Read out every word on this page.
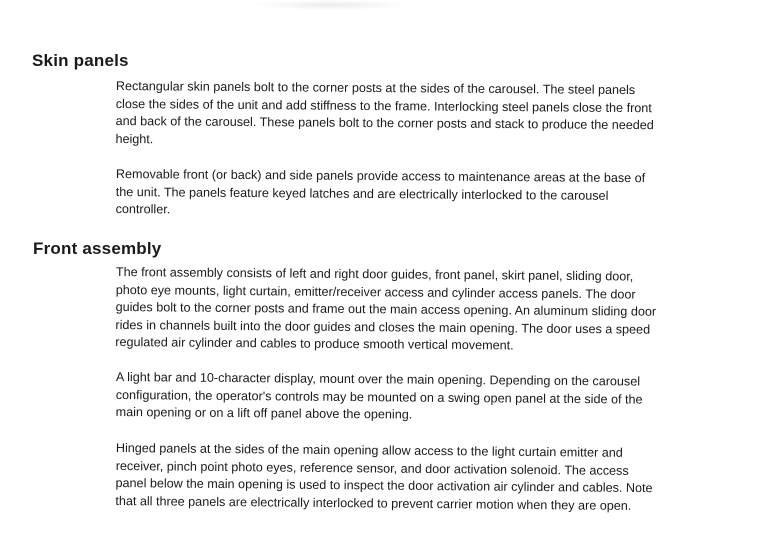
Skin panels

Rectangular skin panels bolt to the corner posts at the sides of the carousel. The steel panels
close the sides of the unit and add stiffness to the frame. Interlocking steel panels close the front
and back of the carousel. These panels bolt to the corner posts and stack to produce the needed
height.

Removable front (or back) and side panels provide access to maintenance areas at the base of
the unit. The panels feature keyed latches and are electrically interlocked to the carousel
controller.

Front assembly

The front assembly consists of left and right door guides, front panel, skirt panel, sliding door,
photo eye mounts, light curtain, emitter/receiver access and cylinder access panels. The door
guides bolt to the corner posts and frame out the main access opening. An aluminum sliding door
rides in channels built into the door guides and closes the main opening. The door uses a speed
regulated air cylinder and cables to produce smooth vertical movement.

A light bar and 10-character display, mount over the main opening. Depending on the carousel
configuration, the operator's controls may be mounted on a swing open panel at the side of the
main opening or on a lift off panel above the opening.

Hinged panels at the sides of the main opening allow access to the light curtain emitter and
receiver, pinch point photo eyes, reference sensor, and door activation solenoid. The access
panel below the main opening is used to inspect the door activation air cylinder and cables. Note
that all three panels are electrically interlocked to prevent carrier motion when they are open.
